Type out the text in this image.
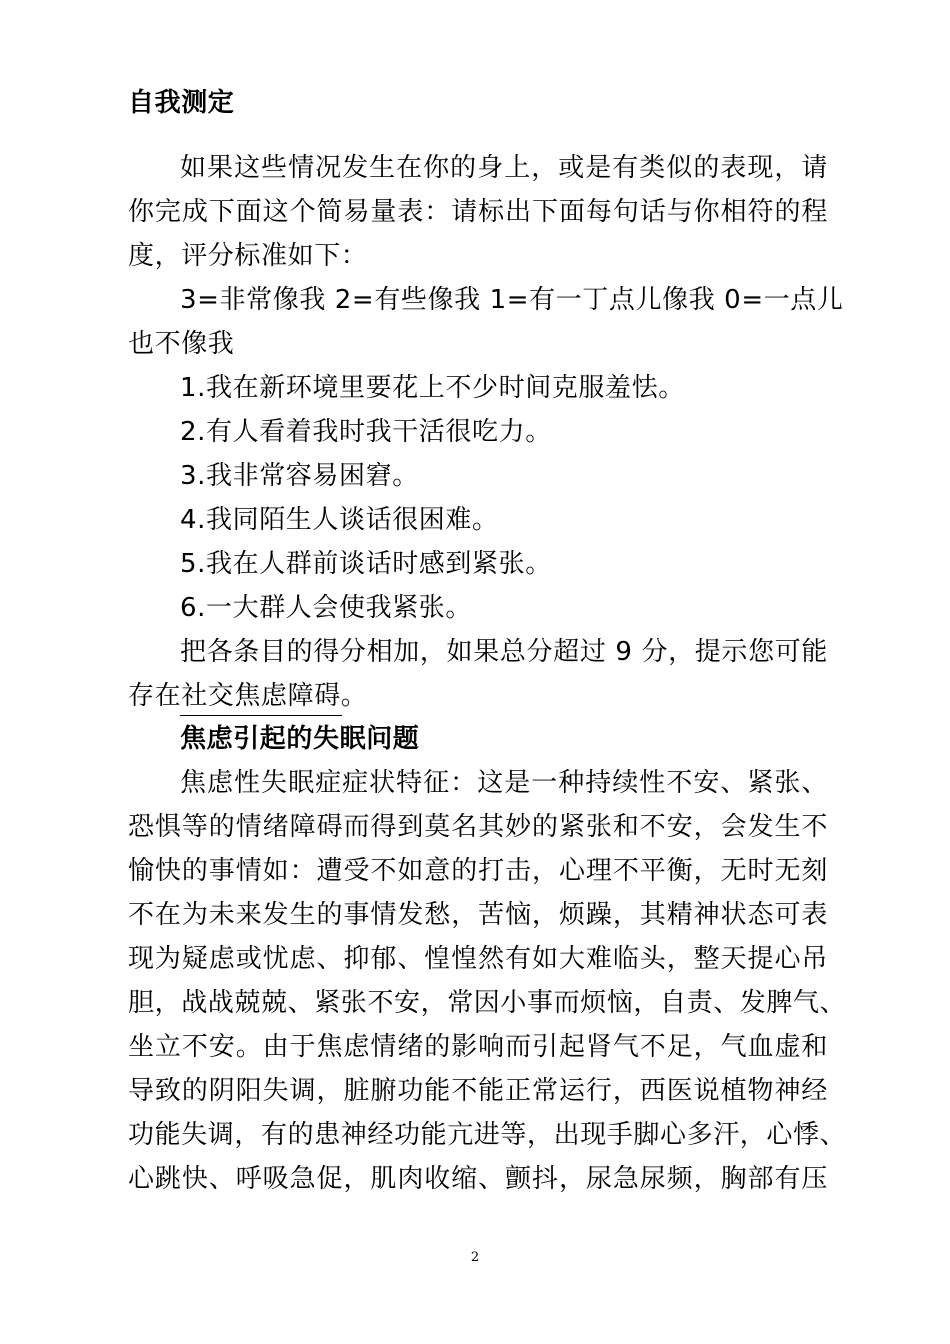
自我测定
如果这些情况发生在你的身上，或是有类似的表现，请
你完成下面这个简易量表：请标出下面每句话与你相符的程
度，评分标准如下：
3=非常像我 2=有些像我 1=有一丁点儿像我 0=一点儿
也不像我
1.我在新环境里要花上不少时间克服羞怯。
2.有人看着我时我干活很吃力。
3.我非常容易困窘。
4.我同陌生人谈话很困难。
5.我在人群前谈话时感到紧张。
6.一大群人会使我紧张。
把各条目的得分相加，如果总分超过 9 分，提示您可能
存在社交焦虑障碍。
焦虑引起的失眠问题
焦虑性失眠症症状特征：这是一种持续性不安、紧张、
恐惧等的情绪障碍而得到莫名其妙的紧张和不安，会发生不
愉快的事情如：遭受不如意的打击，心理不平衡，无时无刻
不在为未来发生的事情发愁，苦恼，烦躁，其精神状态可表
现为疑虑或忧虑、抑郁、惶惶然有如大难临头，整天提心吊
胆，战战兢兢、紧张不安，常因小事而烦恼，自责、发脾气、
坐立不安。由于焦虑情绪的影响而引起肾气不足，气血虚和
导致的阴阳失调，脏腑功能不能正常运行，西医说植物神经
功能失调，有的患神经功能亢进等，出现手脚心多汗，心悸、
心跳快、呼吸急促，肌肉收缩、颤抖，尿急尿频，胸部有压
2
